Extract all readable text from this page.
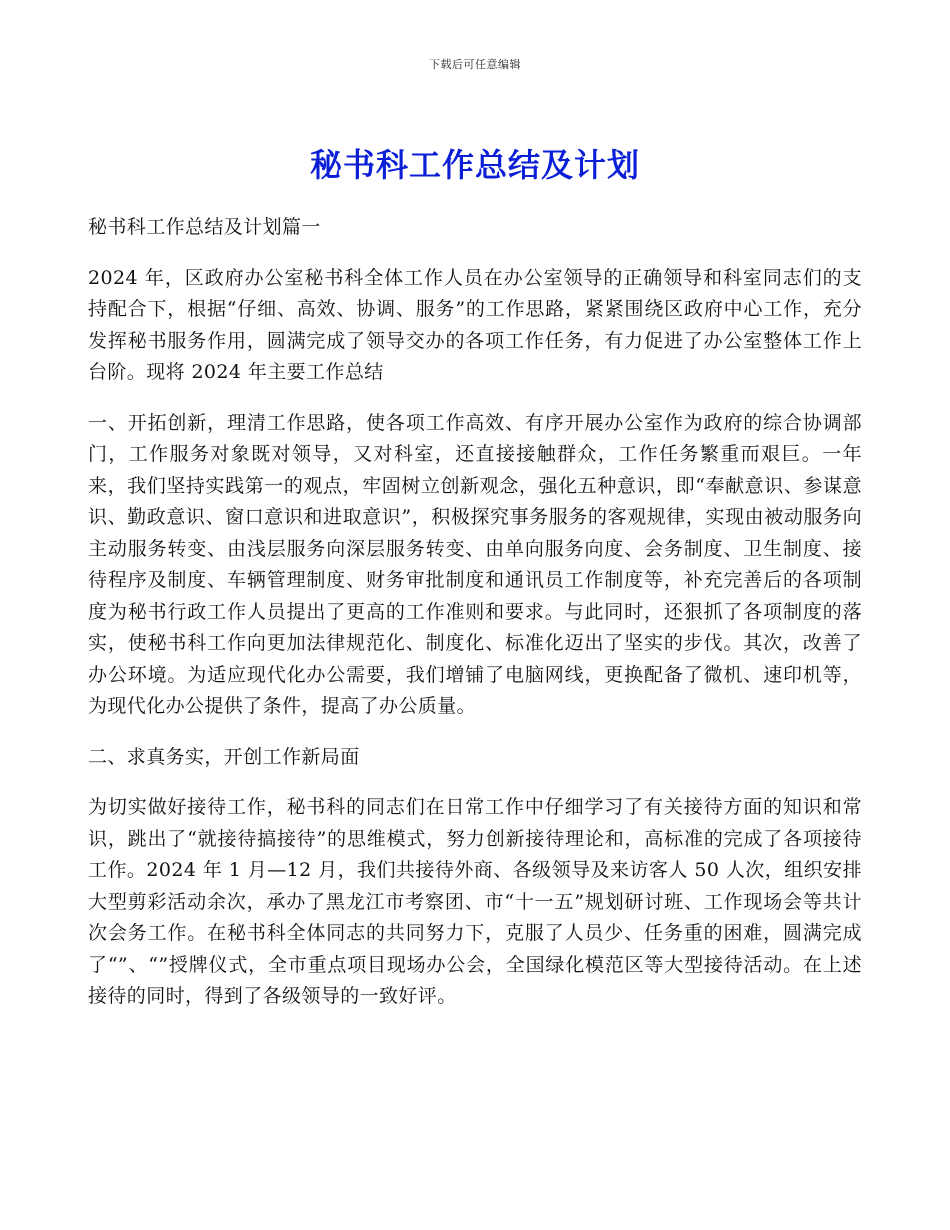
下载后可任意编辑
秘书科工作总结及计划

秘书科工作总结及计划篇一

2024 年，区政府办公室秘书科全体工作人员在办公室领导的正确领导和科室同志们的支持配合下，根据“仔细、高效、协调、服务”的工作思路，紧紧围绕区政府中心工作，充分发挥秘书服务作用，圆满完成了领导交办的各项工作任务，有力促进了办公室整体工作上台阶。现将 2024 年主要工作总结

一、开拓创新，理清工作思路，使各项工作高效、有序开展办公室作为政府的综合协调部门，工作服务对象既对领导，又对科室，还直接接触群众，工作任务繁重而艰巨。一年来，我们坚持实践第一的观点，牢固树立创新观念，强化五种意识，即“奉献意识、参谋意识、勤政意识、窗口意识和进取意识”，积极探究事务服务的客观规律，实现由被动服务向主动服务转变、由浅层服务向深层服务转变、由单向服务向度、会务制度、卫生制度、接待程序及制度、车辆管理制度、财务审批制度和通讯员工作制度等，补充完善后的各项制度为秘书行政工作人员提出了更高的工作准则和要求。与此同时，还狠抓了各项制度的落实，使秘书科工作向更加法律规范化、制度化、标准化迈出了坚实的步伐。其次，改善了办公环境。为适应现代化办公需要，我们增铺了电脑网线，更换配备了微机、速印机等，为现代化办公提供了条件，提高了办公质量。

二、求真务实，开创工作新局面

为切实做好接待工作，秘书科的同志们在日常工作中仔细学习了有关接待方面的知识和常识，跳出了“就接待搞接待”的思维模式，努力创新接待理论和，高标准的完成了各项接待工作。2024 年 1 月—12 月，我们共接待外商、各级领导及来访客人 50 人次，组织安排大型剪彩活动余次，承办了黑龙江市考察团、市“十一五”规划研讨班、工作现场会等共计次会务工作。在秘书科全体同志的共同努力下，克服了人员少、任务重的困难，圆满完成了“”、“”授牌仪式，全市重点项目现场办公会，全国绿化模范区等大型接待活动。在上述接待的同时，得到了各级领导的一致好评。
